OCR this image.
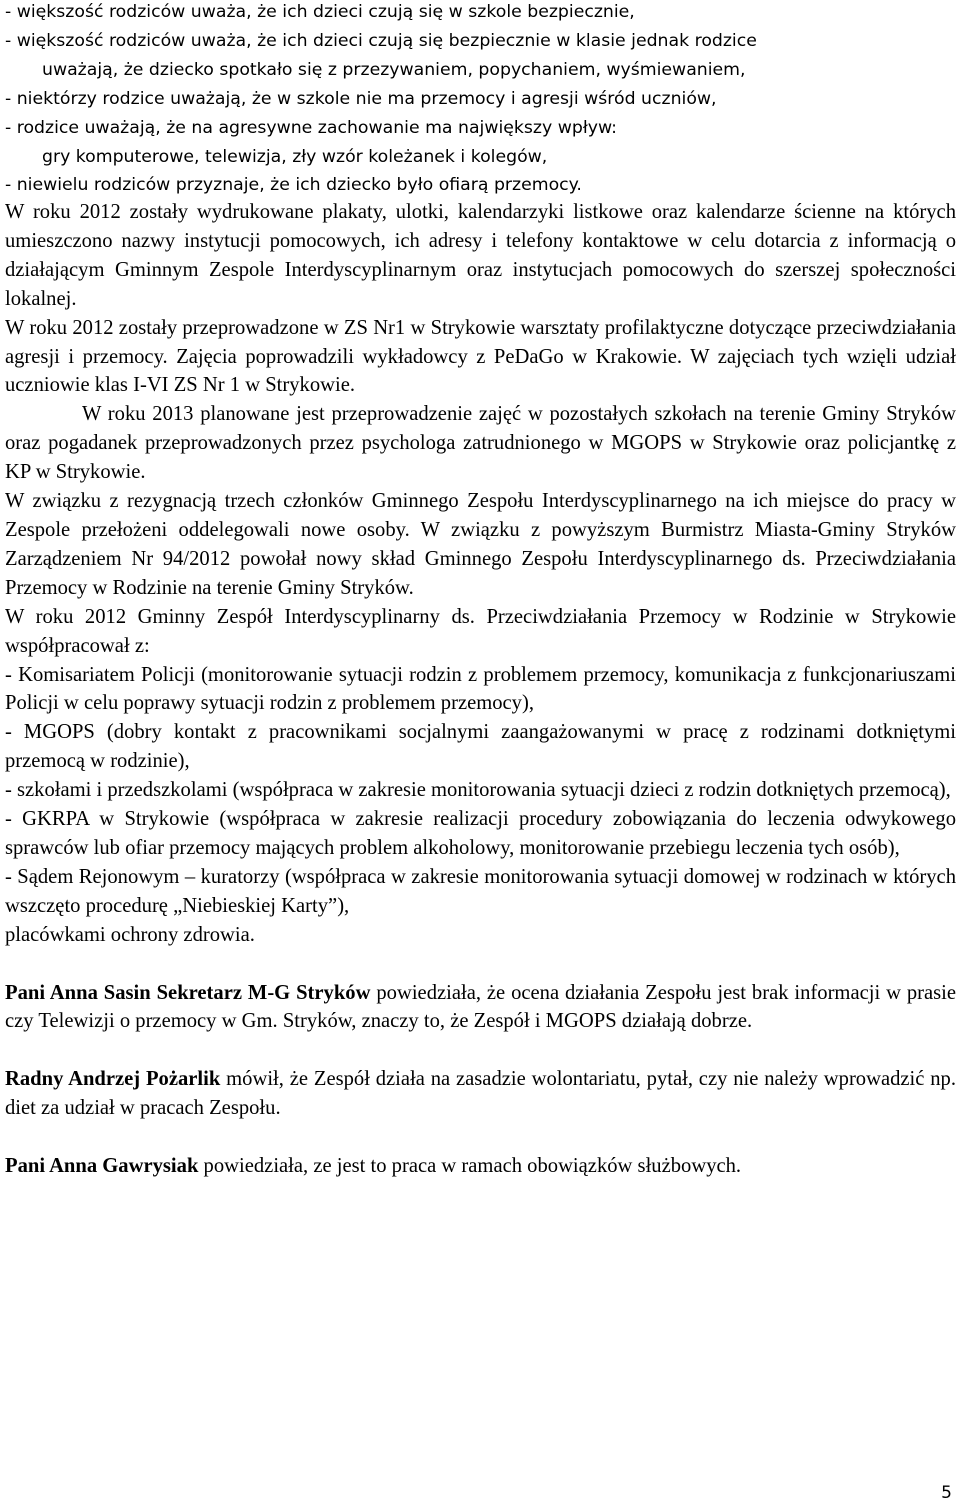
- większość rodziców uważa, że ich dzieci czują się w szkole bezpiecznie,

- większość rodziców uważa, że ich dzieci czują się bezpiecznie w klasie jednak rodzice

uważają, że dziecko spotkało się z przezywaniem, popychaniem, wyśmiewaniem,

- niektórzy rodzice uważają, że w szkole nie ma przemocy i agresji wśród uczniów,

- rodzice uważają, że na agresywne zachowanie ma największy wpływ:

gry komputerowe, telewizja, zły wzór koleżanek i kolegów,

- niewielu rodziców przyznaje, że ich dziecko było ofiarą przemocy.

W roku 2012 zostały wydrukowane plakaty, ulotki, kalendarzyki listkowe oraz kalendarze ścienne na których umieszczono nazwy instytucji pomocowych, ich adresy i telefony kontaktowe w celu dotarcia z informacją o działającym Gminnym Zespole Interdyscyplinarnym oraz instytucjach pomocowych do szerszej społeczności lokalnej.

W roku 2012 zostały przeprowadzone w ZS Nr1 w Strykowie warsztaty profilaktyczne dotyczące przeciwdziałania agresji i przemocy. Zajęcia poprowadzili wykładowcy z PeDaGo w Krakowie. W zajęciach tych wzięli udział uczniowie klas I-VI ZS Nr 1 w Strykowie.

W roku 2013 planowane jest przeprowadzenie zajęć w pozostałych szkołach na terenie Gminy Stryków oraz pogadanek przeprowadzonych przez psychologa zatrudnionego w MGOPS w Strykowie oraz policjantkę z KP w Strykowie.

W związku z rezygnacją trzech członków Gminnego Zespołu Interdyscyplinarnego na ich miejsce do pracy w Zespole przełożeni oddelegowali nowe osoby. W związku z powyższym Burmistrz Miasta-Gminy Stryków Zarządzeniem Nr 94/2012 powołał nowy skład Gminnego Zespołu Interdyscyplinarnego ds. Przeciwdziałania Przemocy w Rodzinie na terenie Gminy Stryków.

W roku 2012 Gminny Zespół Interdyscyplinarny ds. Przeciwdziałania Przemocy w Rodzinie w Strykowie współpracował z:

- Komisariatem Policji (monitorowanie sytuacji rodzin z problemem przemocy, komunikacja z funkcjonariuszami Policji w celu poprawy sytuacji rodzin z problemem przemocy),

- MGOPS (dobry kontakt z pracownikami socjalnymi zaangażowanymi w pracę z rodzinami dotkniętymi przemocą w rodzinie),

- szkołami i przedszkolami (współpraca w zakresie monitorowania sytuacji dzieci z rodzin dotkniętych przemocą),

- GKRPA w Strykowie (współpraca w zakresie realizacji procedury zobowiązania do leczenia odwykowego sprawców lub ofiar przemocy mających problem alkoholowy, monitorowanie przebiegu leczenia tych osób),

- Sądem Rejonowym – kuratorzy (współpraca w zakresie monitorowania sytuacji domowej w rodzinach w których wszczęto procedurę „Niebieskiej Karty”),

placówkami ochrony zdrowia.

Pani Anna Sasin Sekretarz M-G Stryków powiedziała, że ocena działania Zespołu jest brak informacji w prasie czy Telewizji o przemocy w Gm. Stryków, znaczy to, że Zespół i MGOPS działają dobrze.

Radny Andrzej Pożarlik mówił, że Zespół działa na zasadzie wolontariatu, pytał, czy nie należy wprowadzić np. diet za udział w pracach Zespołu.

Pani Anna Gawrysiak powiedziała, ze jest to praca w ramach obowiązków służbowych.

5
